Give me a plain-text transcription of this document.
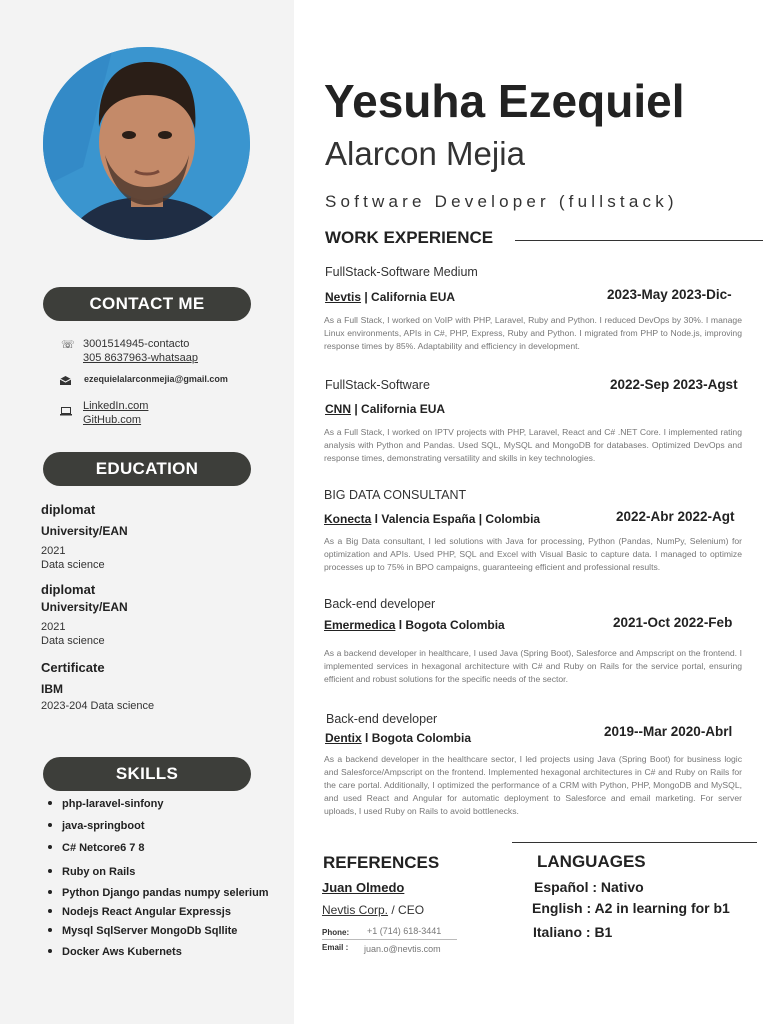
CONTACT ME
☏ 3001514945-contacto
305 8637963-whatsaap
ezequielalarconmejia@gmail.com
LinkedIn.com
GitHub.com
EDUCATION
diplomat
University/EAN
2021
Data science
diplomat
University/EAN
2021
Data science
Certificate
IBM
2023-204 Data science
SKILLS
php-laravel-sinfony
java-springboot
C# Netcore6 7 8
Ruby on Rails
Python Django pandas numpy selerium
Nodejs React Angular Expressjs
Mysql SqlServer MongoDb Sqllite
Docker Aws Kubernets
Yesuha Ezequiel
Alarcon Mejia
Software Developer (fullstack)
WORK EXPERIENCE
FullStack-Software Medium
Nevtis | California EUA	2023-May 2023-Dic-
As a Full Stack, I worked on VoIP with PHP, Laravel, Ruby and Python. I reduced DevOps by 30%. I manage Linux environments, APIs in C#, PHP, Express, Ruby and Python. I migrated from PHP to Node.js, improving response times by 85%. Adaptability and efficiency in development.
FullStack-Software
CNN | California EUA
2022-Sep 2023-Agst
As a Full Stack, I worked on IPTV projects with PHP, Laravel, React and C# .NET Core. I implemented rating analysis with Python and Pandas. Used SQL, MySQL and MongoDB for databases. Optimized DevOps and response times, demonstrating versatility and skills in key technologies.
BIG DATA CONSULTANT
Konecta l Valencia España | Colombia	2022-Abr 2022-Agt
As a Big Data consultant, I led solutions with Java for processing, Python (Pandas, NumPy, Selenium) for optimization and APIs. Used PHP, SQL and Excel with Visual Basic to capture data. I managed to optimize processes up to 75% in BPO campaigns, guaranteeing efficient and professional results.
Back-end developer
Emermedica l Bogota Colombia	2021-Oct 2022-Feb
As a backend developer in healthcare, I used Java (Spring Boot), Salesforce and Ampscript on the frontend. I implemented services in hexagonal architecture with C# and Ruby on Rails for the service portal, ensuring efficient and robust solutions for the specific needs of the sector.
Back-end developer
Dentix l Bogota Colombia	2019--Mar 2020-Abrl
As a backend developer in the healthcare sector, I led projects using Java (Spring Boot) for business logic and Salesforce/Ampscript on the frontend. Implemented hexagonal architectures in C# and Ruby on Rails for the care portal. Additionally, I optimized the performance of a CRM with Python, PHP, MongoDB and MySQL, and used React and Angular for automatic deployment to Salesforce and email marketing. For server uploads, I used Ruby on Rails to avoid bottlenecks.
REFERENCES
Juan Olmedo
Nevtis Corp. / CEO
Phone: +1 (714) 618-3441
Email : juan.o@nevtis.com
LANGUAGES
Español : Nativo
English : A2 in learning for b1
Italiano : B1
